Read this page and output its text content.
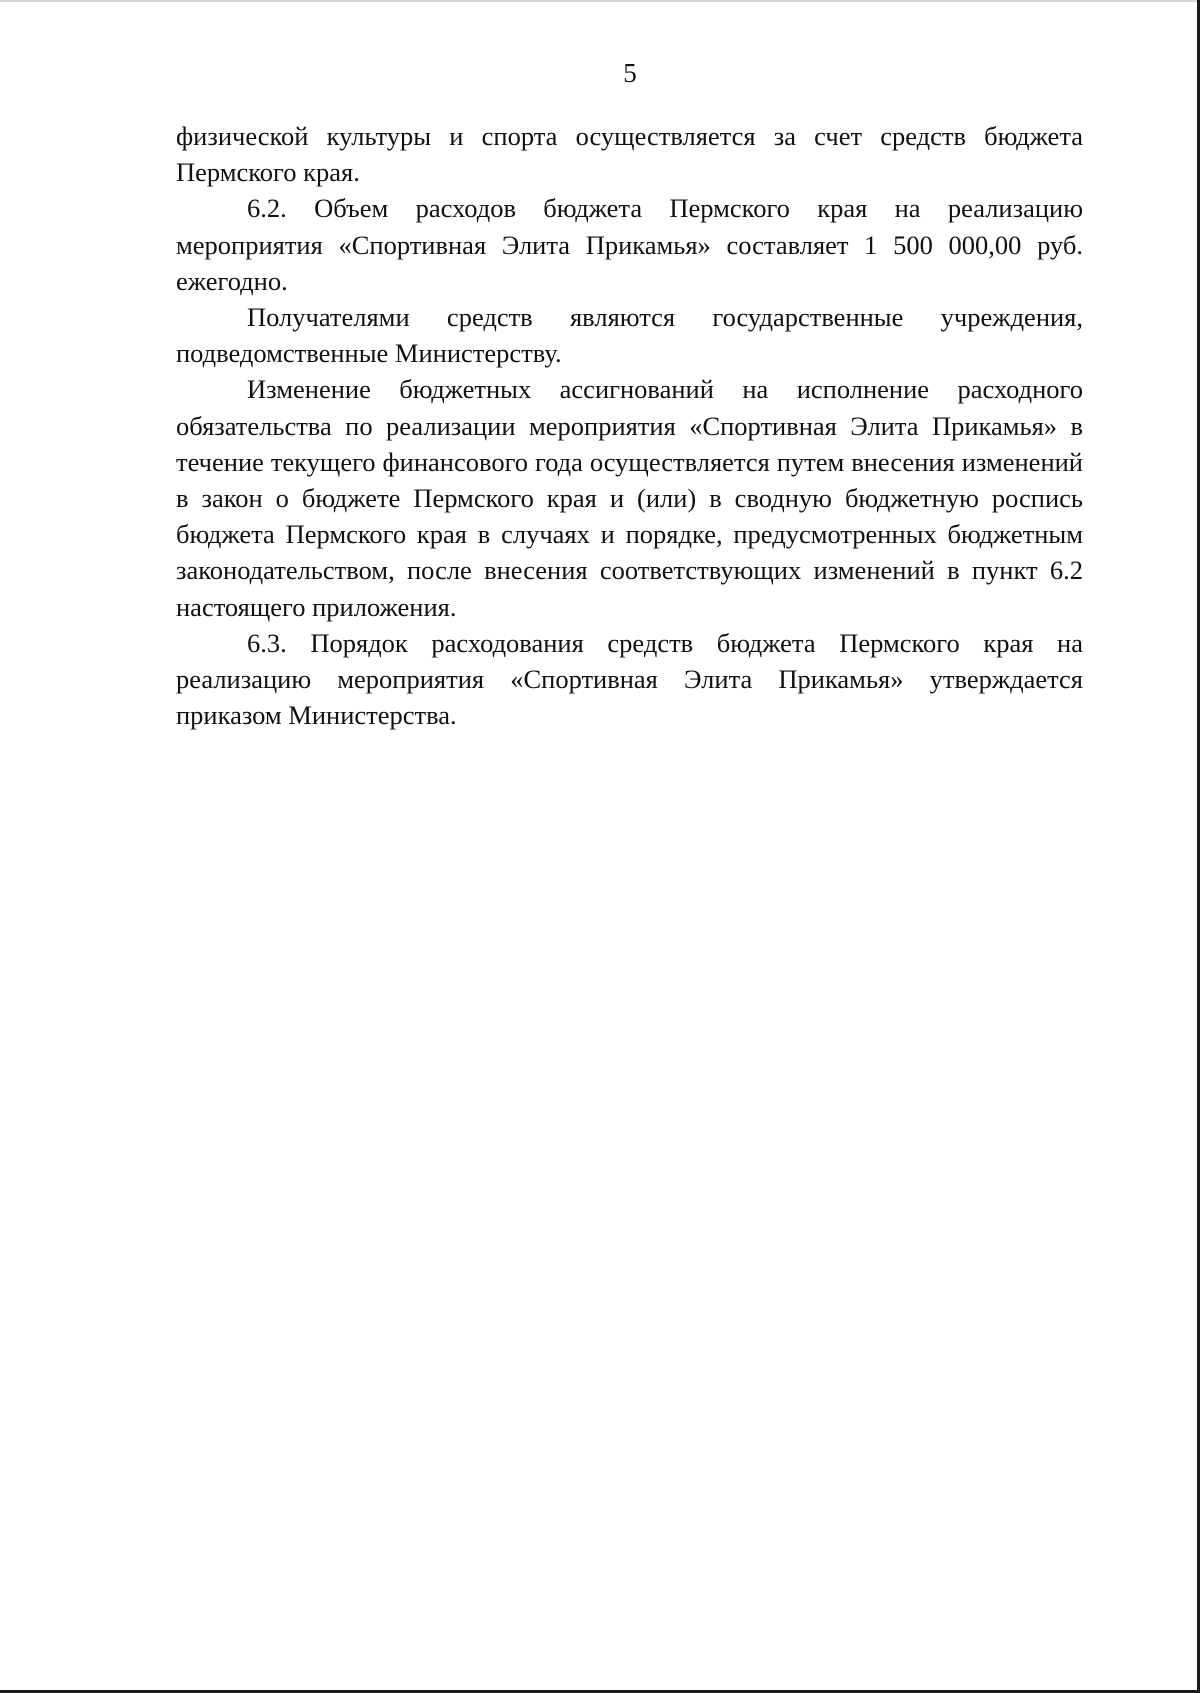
5

физической культуры и спорта осуществляется за счет средств бюджета Пермского края.

6.2. Объем расходов бюджета Пермского края на реализацию мероприятия «Спортивная Элита Прикамья» составляет 1 500 000,00 руб. ежегодно.

Получателями средств являются государственные учреждения, подведомственные Министерству.

Изменение бюджетных ассигнований на исполнение расходного обязательства по реализации мероприятия «Спортивная Элита Прикамья» в течение текущего финансового года осуществляется путем внесения изменений в закон о бюджете Пермского края и (или) в сводную бюджетную роспись бюджета Пермского края в случаях и порядке, предусмотренных бюджетным законодательством, после внесения соответствующих изменений в пункт 6.2 настоящего приложения.

6.3. Порядок расходования средств бюджета Пермского края на реализацию мероприятия «Спортивная Элита Прикамья» утверждается приказом Министерства.
